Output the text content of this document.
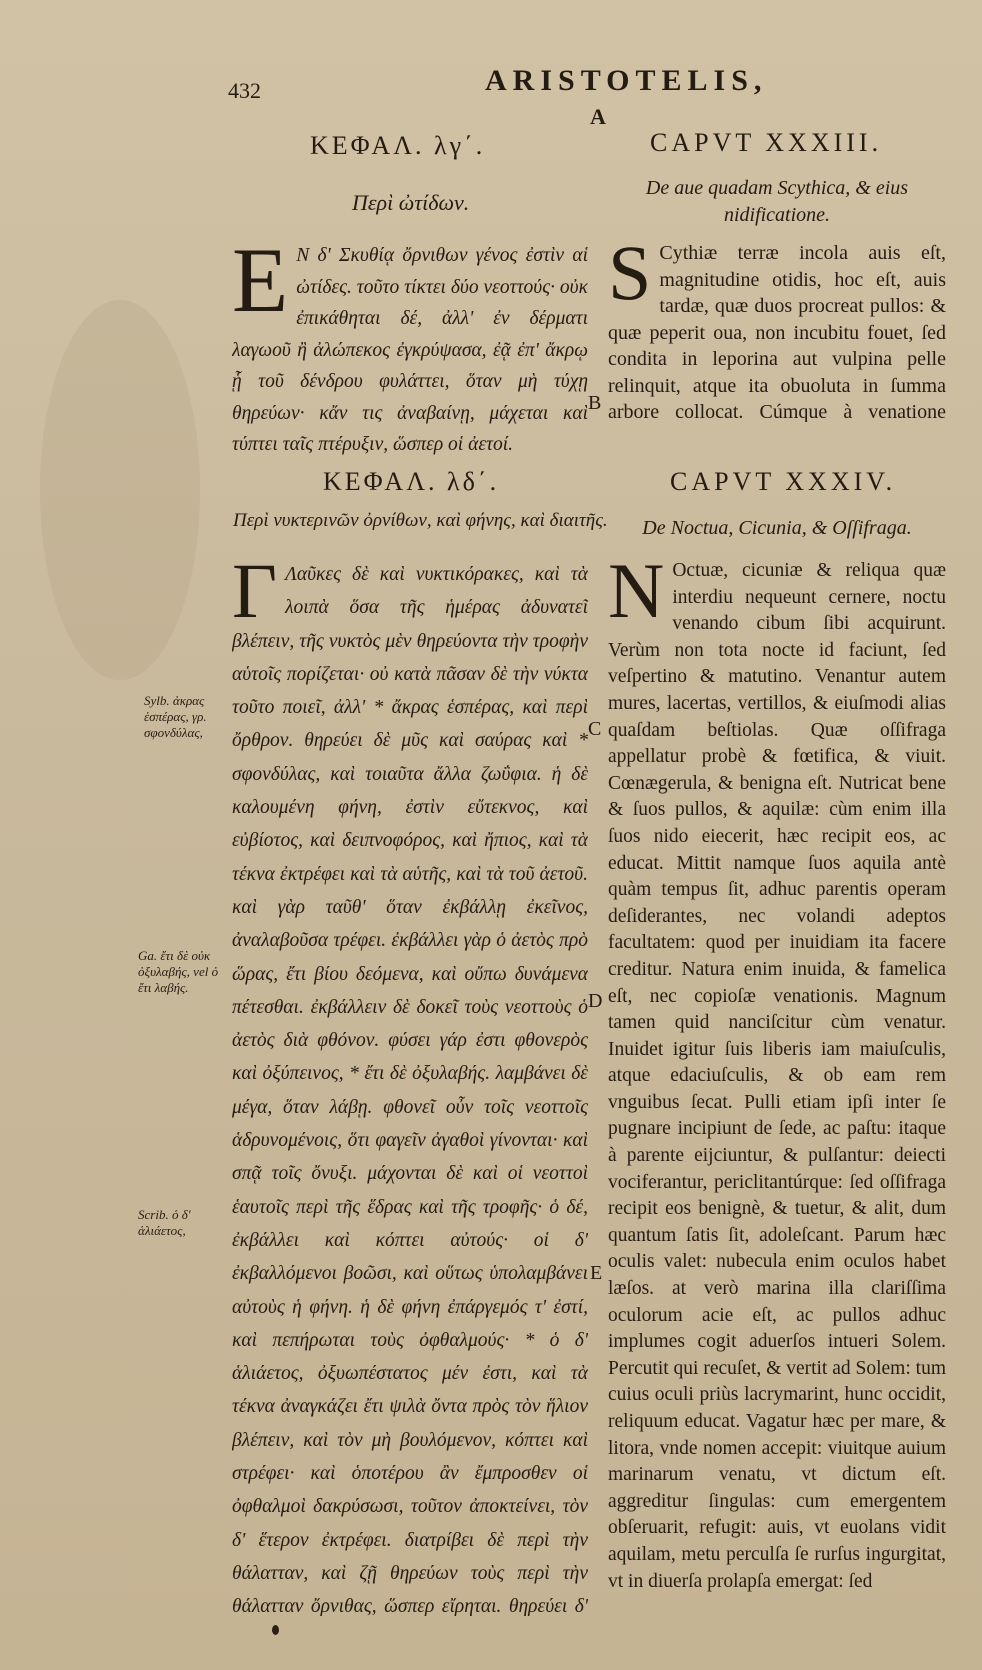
432	ARISTOTELIS,
A
ΚΕΦΑΛ. λγ΄.
Περὶ ὠτίδων.

E Ν δ' Σκυθίᾳ ὄρνιθων γένος ἐστὶν αἱ ὠτίδες. τοῦτο τίκτει δύο νεοττούς· οὐκ ἐπικάθηται δέ, ἀλλ' ἐν δέρματι λαγωοῦ ἢ ἀλώπεκος ἐγκρύψασα, ἐᾷ ἐπ' ἄκρῳ ᾗ τοῦ δένδρου φυλάττει, ὅταν μὴ τύχῃ θηρεύων· κἄν τις ἀναβαίνῃ, μάχεται καὶ τύπτει ταῖς πτέρυξιν, ὥσπερ οἱ ἀετοί.

CAPVT XXXIII.
De aue quadam Scythica, & eius nidificatione.

S Cythiæ terræ incola auis eſt, magnitudine otidis, hoc eſt, auis tardæ, quæ duos procreat pullos: & quæ peperit oua, non incubitu fouet, ſed condita in leporina aut vulpina pelle relinquit, atque ita obuoluta in ſumma arbore collocat. Cúmque à venatione

ΚΕΦΑΛ. λδ΄.
Περὶ νυκτερινῶν ὀρνίθων, καὶ φήνης, καὶ διαιτῆς.

Γ Λαῦκες δὲ καὶ νυκτικόρακες, καὶ τὰ λοιπὰ ὅσα τῆς ἡμέρας ἀδυνατεῖ βλέπειν, τῆς νυκτὸς μὲν θηρεύοντα τὴν τροφὴν αὑτοῖς πορίζεται· οὐ κατὰ πᾶσαν δὲ τὴν νύκτα τοῦτο ποιεῖ, ἀλλ' * ἄκρας ἑσπέρας, καὶ περὶ ὄρθρον. θηρεύει δὲ μῦς καὶ σαύρας καὶ * σφονδύλας, καὶ τοιαῦτα ἄλλα ζωΰφια. ἡ δὲ καλουμένη φήνη, ἐστὶν εὔτεκνος, καὶ εὐβίοτος, καὶ δειπνοφόρος, καὶ ἤπιος, καὶ τὰ τέκνα ἐκτρέφει καὶ τὰ αὑτῆς, καὶ τὰ τοῦ ἀετοῦ. καὶ γὰρ ταῦθ' ὅταν ἐκβάλλῃ ἐκεῖνος, ἀναλαβοῦσα τρέφει. ἐκβάλλει γὰρ ὁ ἀετὸς πρὸ ὥρας, ἔτι βίου δεόμενα, καὶ οὔπω δυνάμενα πέτεσθαι. ἐκβάλλειν δὲ δοκεῖ τοὺς νεοττοὺς ὁ ἀετὸς διὰ φθόνον. φύσει γάρ ἐστι φθονερὸς καὶ ὀξύπεινος, * ἔτι δὲ ὀξυλαβής. λαμβάνει δὲ μέγα, ὅταν λάβῃ. φθονεῖ οὖν τοῖς νεοττοῖς ἁδρυνομένοις, ὅτι φαγεῖν ἀγαθοὶ γίνονται· καὶ σπᾷ τοῖς ὄνυξι. μάχονται δὲ καὶ οἱ νεοττοὶ ἑαυτοῖς περὶ τῆς ἕδρας καὶ τῆς τροφῆς· ὁ δέ, ἐκβάλλει καὶ κόπτει αὐτούς· οἱ δ' ἐκβαλλόμενοι βοῶσι, καὶ οὕτως ὑπολαμβάνει αὐτοὺς ἡ φήνη. ἡ δὲ φήνη ἐπάργεμός τ' ἐστί, καὶ πεπήρωται τοὺς ὀφθαλμούς· * ὁ δ' ἁλιάετος, ὀξυωπέστατος μέν ἐστι, καὶ τὰ τέκνα ἀναγκάζει ἔτι ψιλὰ ὄντα πρὸς τὸν ἥλιον βλέπειν, καὶ τὸν μὴ βουλόμενον, κόπτει καὶ στρέφει· καὶ ὁποτέρου ἂν ἔμπροσθεν οἱ ὀφθαλμοὶ δακρύσωσι, τοῦτον ἀποκτείνει, τὸν δ' ἕτερον ἐκτρέφει. διατρίβει δὲ περὶ τὴν θάλατταν, καὶ ζῇ θηρεύων τοὺς περὶ τὴν θάλατταν ὄρνιθας, ὥσπερ εἴρηται. θηρεύει δ'

CAPVT XXXIV.
De Noctua, Cicunia, & Oſſifraga.

N Octuæ, cicuniæ & reliqua quæ interdiu nequeunt cernere, noctu venando cibum ſibi acquirunt. Verùm non tota nocte id faciunt, ſed veſpertino & matutino. Venantur autem mures, lacertas, vertillos, & eiuſmodi alias quaſdam beſtiolas. Quæ oſſifraga appellatur probè & fœtifica, & viuit. Cœnægerula, & benigna eſt. Nutricat bene & ſuos pullos, & aquilæ: cùm enim illa ſuos nido eiecerit, hæc recipit eos, ac educat. Mittit namque ſuos aquila antè quàm tempus ſit, adhuc parentis operam deſiderantes, nec volandi adeptos facultatem: quod per inuidiam ita facere creditur. Natura enim inuida, & famelica eſt, nec copioſæ venationis. Magnum tamen quid nanciſcitur cùm venatur. Inuidet igitur ſuis liberis iam maiuſculis, atque edaciuſculis, & ob eam rem vnguibus ſecat. Pulli etiam ipſi inter ſe pugnare incipiunt de ſede, ac paſtu: itaque à parente eijciuntur, & pulſantur: deiecti vociferantur, periclitantúrque: ſed oſſifraga recipit eos benignè, & tuetur, & alit, dum quantum ſatis ſit, adoleſcant. Parum hæc oculis valet: nubecula enim oculos habet læſos. at verò marina illa clariſſima oculorum acie eſt, ac pullos adhuc implumes cogit aduerſos intueri Solem. Percutit qui recuſet, & vertit ad Solem: tum cuius oculi priùs lacrymarint, hunc occidit, reliquum educat. Vagatur hæc per mare, & litora, vnde nomen accepit: viuitque auium marinarum venatu, vt dictum eſt. aggreditur ſingulas: cum emergentem obſeruarit, refugit: auis, vt euolans vidit aquilam, metu perculſa ſe rurſus ingurgitat, vt in diuerſa prolapſa emergat: ſed

Sylb. ἀκρας ἑσπέρας, γρ. σφονδύλας,
Ga. ἔτι δὲ οὐκ ὀξυλαβής, vel ὀ ἔτι λαβής.
Scrib. ὁ δ' ἁλιάετος,
B
C
D
E
